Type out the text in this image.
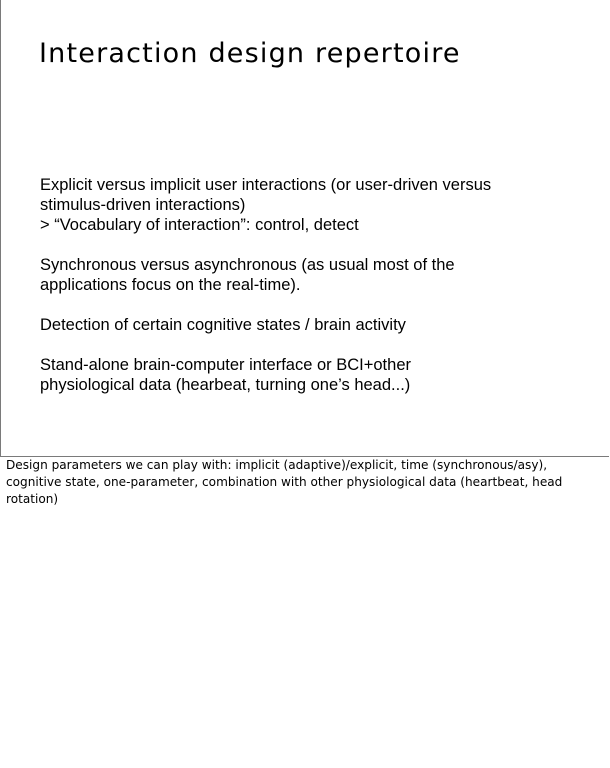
Interaction design repertoire

Explicit versus implicit user interactions (or user-driven versus
stimulus-driven interactions)
> “Vocabulary of interaction”: control, detect

Synchronous versus asynchronous (as usual most of the
applications focus on the real-time).

Detection of certain cognitive states / brain activity

Stand-alone brain-computer interface or BCI+other
physiological data (hearbeat, turning one’s head...)

Design parameters we can play with: implicit (adaptive)/explicit, time (synchronous/asy),
cognitive state, one-parameter, combination with other physiological data (heartbeat, head
rotation)
